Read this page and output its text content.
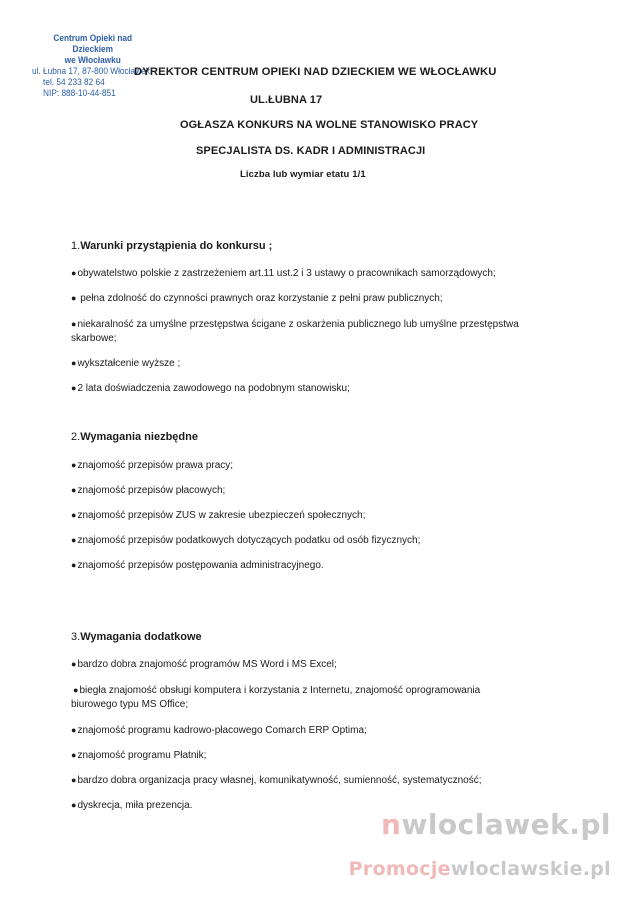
Centrum Opieki nad Dzieckiem
we Włocławku
ul. Łubna 17, 87-800 Włocławek
tel. 54 233 82 64
NIP: 888-10-44-851
DYREKTOR CENTRUM OPIEKI NAD DZIECKIEM WE WŁOCŁAWKU
UL.ŁUBNA 17
OGŁASZA KONKURS NA WOLNE STANOWISKO PRACY
SPECJALISTA DS. KADR I ADMINISTRACJI
Liczba lub wymiar etatu 1/1
1.Warunki przystąpienia do konkursu ;
●obywatelstwo polskie z zastrzeżeniem art.11 ust.2 i 3 ustawy o pracownikach samorządowych;
● pełna zdolność do czynności prawnych oraz korzystanie z pełni praw publicznych;
●niekaralność za umyślne przestępstwa ścigane z oskarżenia publicznego lub umyślne przestępstwa
skarbowe;
●wykształcenie wyższe ;
●2 lata doświadczenia zawodowego na podobnym stanowisku;
2.Wymagania niezbędne
●znajomość przepisów prawa pracy;
●znajomość przepisów płacowych;
●znajomość przepisów ZUS w zakresie ubezpieczeń społecznych;
●znajomość przepisów podatkowych dotyczących podatku od osób fizycznych;
●znajomość przepisów postępowania administracyjnego.
3.Wymagania dodatkowe
●bardzo dobra znajomość programów MS Word i MS Excel;
●biegła znajomość obsługi komputera i korzystania z Internetu, znajomość oprogramowania
biurowego typu MS Office;
●znajomość programu kadrowo-płacowego Comarch ERP Optima;
●znajomość programu Płatnik;
●bardzo dobra organizacja pracy własnej, komunikatywność, sumienność, systematyczność;
●dyskrecja, miła prezencja.
nwloclawek.pl
Promocjewloclawskie.pl
